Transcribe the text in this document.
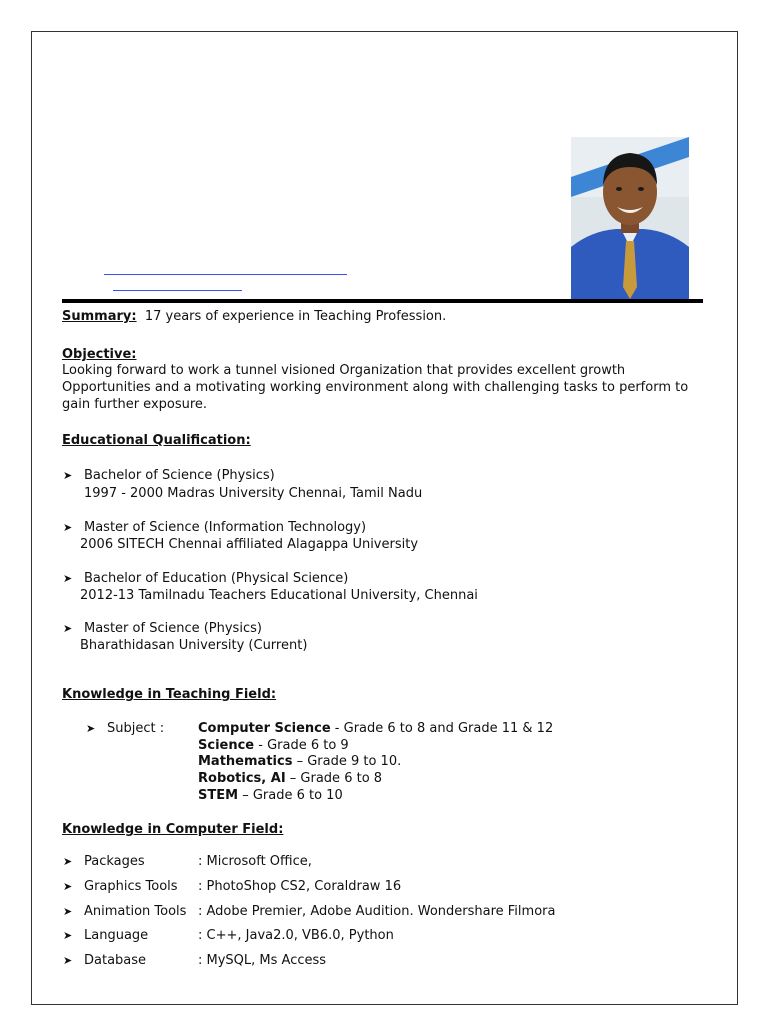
Summary: 17 years of experience in Teaching Profession.
Objective:
Looking forward to work a tunnel visioned Organization that provides excellent growth
Opportunities and a motivating working environment along with challenging tasks to perform to
gain further exposure.
Educational Qualification:
➤ Bachelor of Science (Physics)
1997 - 2000 Madras University Chennai, Tamil Nadu
➤ Master of Science (Information Technology)
2006 SITECH Chennai affiliated Alagappa University
➤ Bachelor of Education (Physical Science)
2012-13 Tamilnadu Teachers Educational University, Chennai
➤ Master of Science (Physics)
Bharathidasan University (Current)
Knowledge in Teaching Field:
➤ Subject :	Computer Science - Grade 6 to 8 and Grade 11 & 12
Science - Grade 6 to 9
Mathematics – Grade 9 to 10.
Robotics, AI – Grade 6 to 8
STEM – Grade 6 to 10
Knowledge in Computer Field:
➤ Packages	: Microsoft Office,
➤ Graphics Tools : PhotoShop CS2, Coraldraw 16
➤ Animation Tools : Adobe Premier, Adobe Audition. Wondershare Filmora
➤ Language	: C++, Java2.0, VB6.0, Python
➤ Database	: MySQL, Ms Access
